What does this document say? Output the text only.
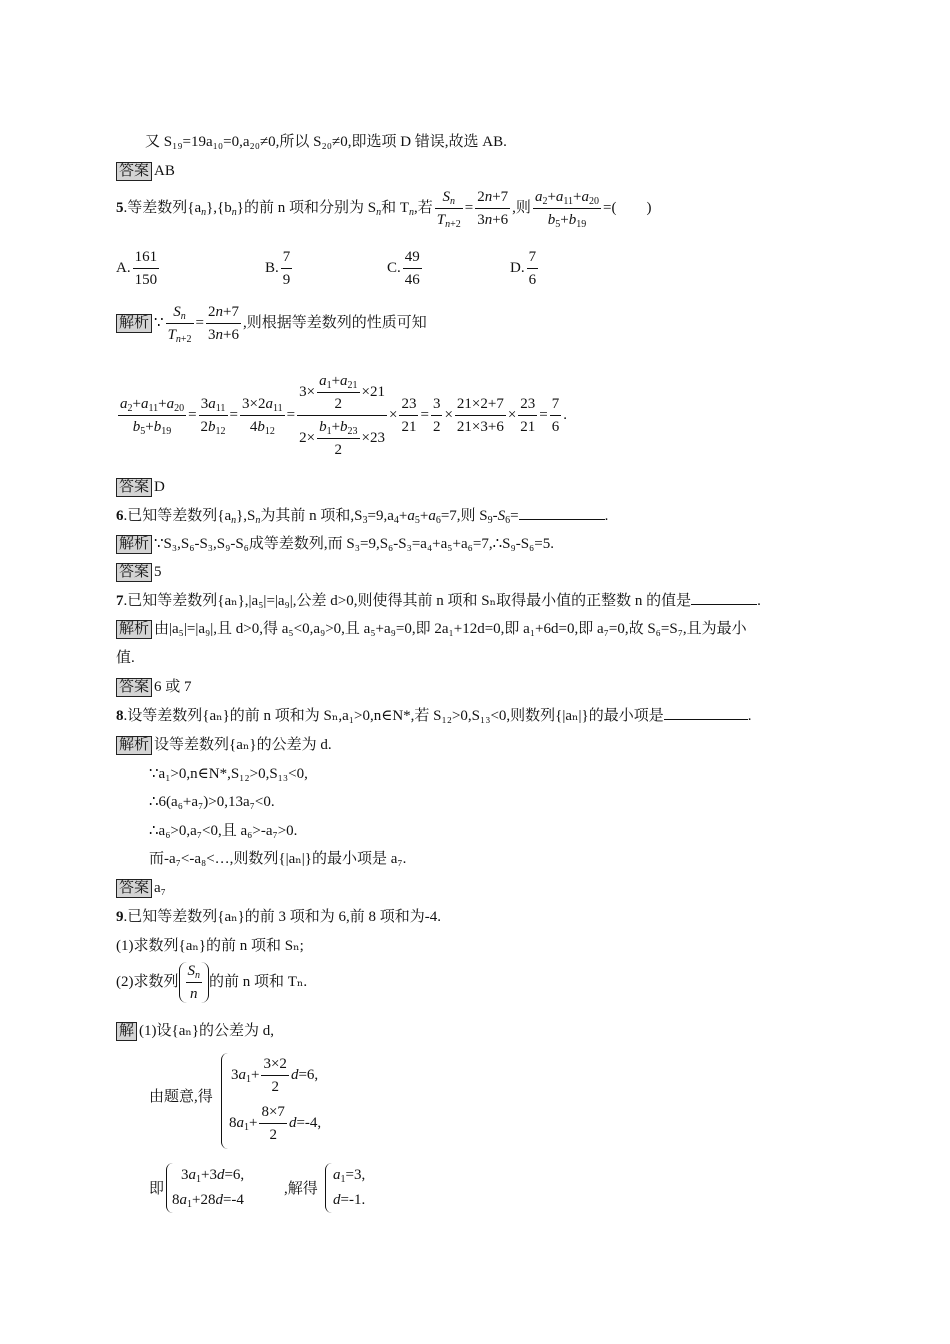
又 S₁₉=19a₁₀=0,a₂₀≠0,所以 S₂₀≠0,即选项 D 错误,故选 AB.
答案 AB
5.等差数列$\{a_n\},\{b_n\}$的前 n 项和分别为 $S_n$和 $T_n$,若 $\frac{S_n}{T_{n+2}} = \frac{2n+7}{3n+6}$ ,则 $\frac{a_2+a_{11}+a_{20}}{b_5+b_{19}}$ =(　　)
A. $\frac{161}{150}$	B. $\frac{7}{9}$	C. $\frac{49}{46}$	D. $\frac{7}{6}$
解析 ∵ $\frac{S_n}{T_{n+2}} = \frac{2n+7}{3n+6}$ ,则根据等差数列的性质可知
$\frac{a_2+a_{11}+a_{20}}{b_5+b_{19}} = \frac{3a_{11}}{2b_{12}} = \frac{3\times 2a_{11}}{4b_{12}} = \frac{3\times \frac{a_1+a_{21}}{2} \times 21}{2\times \frac{b_1+b_{23}}{2} \times 23} \times \frac{23}{21} = \frac{3}{2} \times \frac{21\times 2+7}{21\times 3+6} \times \frac{23}{21} = \frac{7}{6}$ .
答案 D
6.已知等差数列$\{a_n\},S_n$为其前 n 项和$,S_3=9,a_4+a_5+a_6=7$,则 $S_9-S_6=$	.
解析 ∵S₃,S₆-S₃,S₉-S₆成等差数列,而 S₃=9,S₆-S₃=a₄+a₅+a₆=7,∴S₉-S₆=5.
答案 5
7.已知等差数列{aₙ},|a₅|=|a₉|,公差 d>0,则使得其前 n 项和 Sₙ取得最小值的正整数 n 的值是	.
解析 由|a₅|=|a₉|,且 d>0,得 a₅<0,a₉>0,且 a₅+a₉=0,即 2a₁+12d=0,即 a₁+6d=0,即 a₇=0,故 S₆=S₇,且为最小
值.
答案 6 或 7
8.设等差数列{aₙ}的前 n 项和为 Sₙ,a₁>0,n∈N*,若 S₁₂>0,S₁₃<0,则数列{|aₙ|}的最小项是	.
解析 设等差数列{aₙ}的公差为 d.
∵a₁>0,n∈N*,S₁₂>0,S₁₃<0,
∴6(a₆+a₇)>0,13a₇<0.
∴a₆>0,a₇<0,且 a₆>-a₇>0.
而-a₇<-a₈<…,则数列{|aₙ|}的最小项是 a₇.
答案 a₇
9.已知等差数列{aₙ}的前 3 项和为 6,前 8 项和为-4.
(1)求数列{aₙ}的前 n 项和 Sₙ;
(2)求数列 $\frac{S_n}{n}$ 的前 n 项和 Tₙ.
解 (1)设{aₙ}的公差为 d,
由题意,得
$3a_1+ \frac{3\times 2}{2} d=6$,
$8a_1+ \frac{8\times 7}{2} d=-4$,
即
$3a_1+3d=6$,
$8a_1+28d=-4$
,解得
$a_1=3$,
d=-1.
